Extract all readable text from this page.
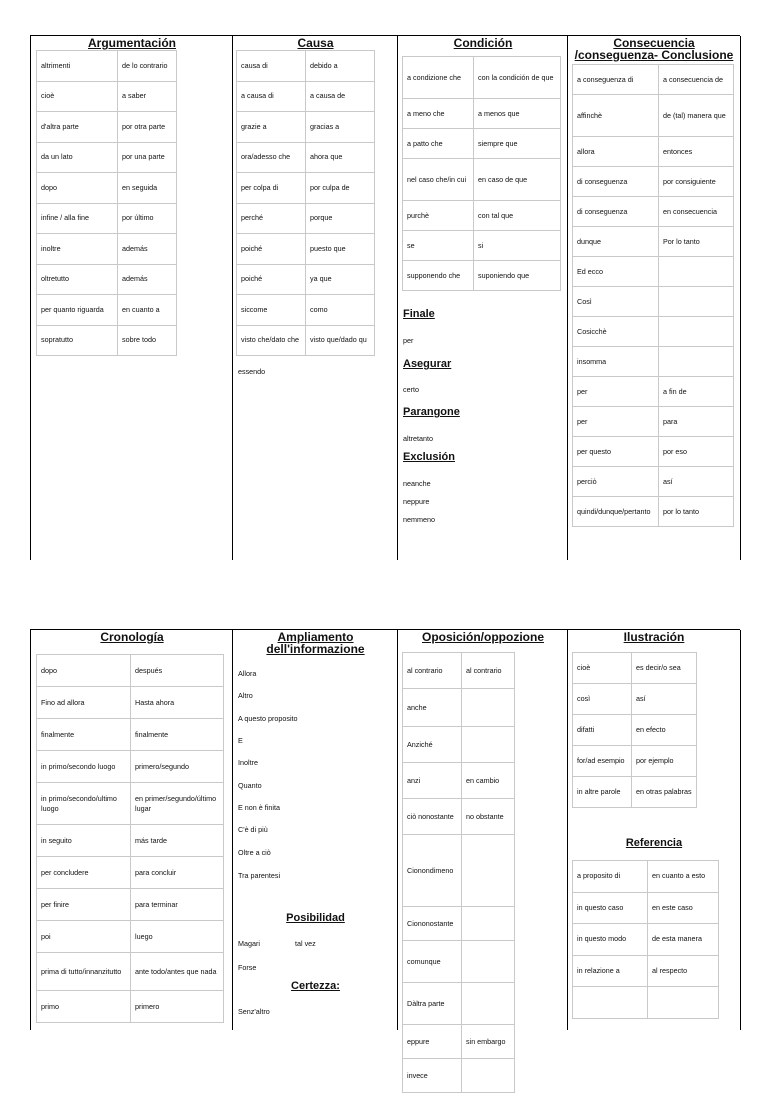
Argumentación
altrimenti	de lo contrario
cioè	a saber
d'altra parte	por otra parte
da un lato	por una parte
dopo	en seguida
infine / alla fine	por último
inoltre	además
oltretutto	además
per quanto riguarda	en cuanto a
sopratutto	sobre todo
Causa
causa di	debido a
a causa di	a causa de
grazie a	gracias a
ora/adesso che	ahora que
per colpa di	por culpa de
perché	porque
poiché	puesto que
poiché	ya que
siccome	como
visto che/dato che	visto que/dado qu
essendo
Condición
a condizione che	con la condición de que
a meno che	a menos que
a patto che	siempre que
nel caso che/in cui	en caso de que
purchè	con tal que
se	si
supponendo che	suponiendo que
Finale
per
Asegurar
certo
Parangone
altretanto
Exclusión
neanche
neppure
nemmeno
Consecuencia
/conseguenza- Conclusione
a conseguenza di	a consecuencia de
affinchè	de (tal) manera que
allora	entonces
di conseguenza	por consiguiente
di conseguenza	en consecuencia
dunque	Por lo tanto
Ed ecco	
Così	
Cosicchè	
insomma	
per	a fin de
per	para
per questo	por eso
perciò	así
quindi/dunque/pertanto	por lo tanto
Cronología
dopo	después
Fino ad allora	Hasta ahora
finalmente	finalmente
in primo/secondo luogo	primero/segundo
in primo/secondo/ultimo luogo	en primer/segundo/último lugar
in seguito	más tarde
per concludere	para concluir
per finire	para terminar
poi	luego
prima di tutto/innanzitutto	ante todo/antes que nada
primo	primero
Ampliamento
dell'informazione
Allora
Altro
A questo proposito
E
Inoltre
Quanto
E non è finita
C'è di più
Oltre a ciò
Tra parentesi
Posibilidad
Magari	tal vez
Forse
Certezza:
Senz'altro
Oposición/oppozione
al contrario	al contrario
anche	
Anziché	
anzi	en cambio
ciò nonostante	no obstante
Cionondimeno	
Ciononostante	
comunque	
Dàltra parte	
eppure	sin embargo
invece	
Ilustración
cioè	es decir/o sea
così	así
difatti	en efecto
for/ad esempio	por ejemplo
in altre parole	en otras palabras
Referencia
a proposito di	en cuanto a esto
in questo caso	en este caso
in questo modo	de esta manera
in relazione a	al respecto
